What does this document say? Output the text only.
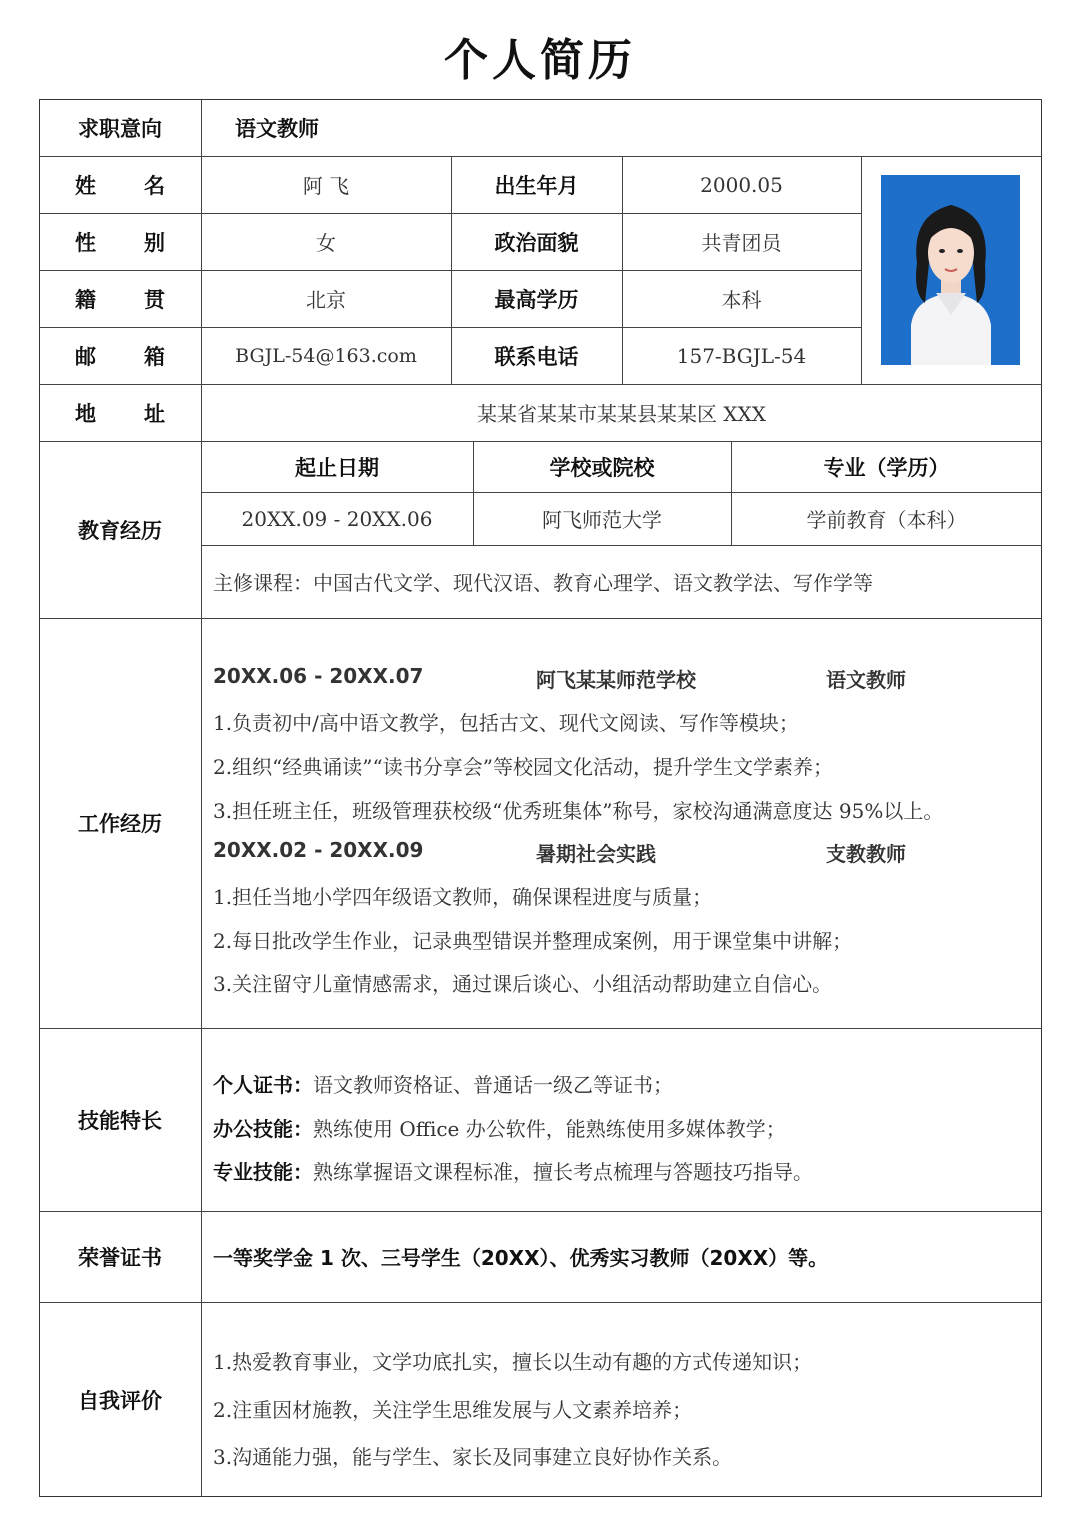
个人简历
求职意向	语文教师
姓 名	阿 飞	出生年月	2000.05
性 别	女	政治面貌	共青团员
籍 贯	北京	最高学历	本科
邮 箱	BGJL-54@163.com	联系电话	157-BGJL-54
地 址	某某省某某市某某县某某区 XXX
教育经历
起止日期	学校或院校	专业（学历）
20XX.09 - 20XX.06	阿飞师范大学	学前教育（本科）
主修课程：中国古代文学、现代汉语、教育心理学、语文教学法、写作学等
工作经历
20XX.06 - 20XX.07	阿飞某某师范学校	语文教师
1.负责初中/高中语文教学，包括古文、现代文阅读、写作等模块；
2.组织“经典诵读”“读书分享会”等校园文化活动，提升学生文学素养；
3.担任班主任，班级管理获校级“优秀班集体”称号，家校沟通满意度达 95%以上。
20XX.02 - 20XX.09	暑期社会实践	支教教师
1.担任当地小学四年级语文教师，确保课程进度与质量；
2.每日批改学生作业，记录典型错误并整理成案例，用于课堂集中讲解；
3.关注留守儿童情感需求，通过课后谈心、小组活动帮助建立自信心。
技能特长
个人证书：语文教师资格证、普通话一级乙等证书；
办公技能：熟练使用 Office 办公软件，能熟练使用多媒体教学；
专业技能：熟练掌握语文课程标准，擅长考点梳理与答题技巧指导。
荣誉证书	一等奖学金 1 次、三号学生（20XX）、优秀实习教师（20XX）等。
自我评价
1.热爱教育事业，文学功底扎实，擅长以生动有趣的方式传递知识；
2.注重因材施教，关注学生思维发展与人文素养培养；
3.沟通能力强，能与学生、家长及同事建立良好协作关系。
